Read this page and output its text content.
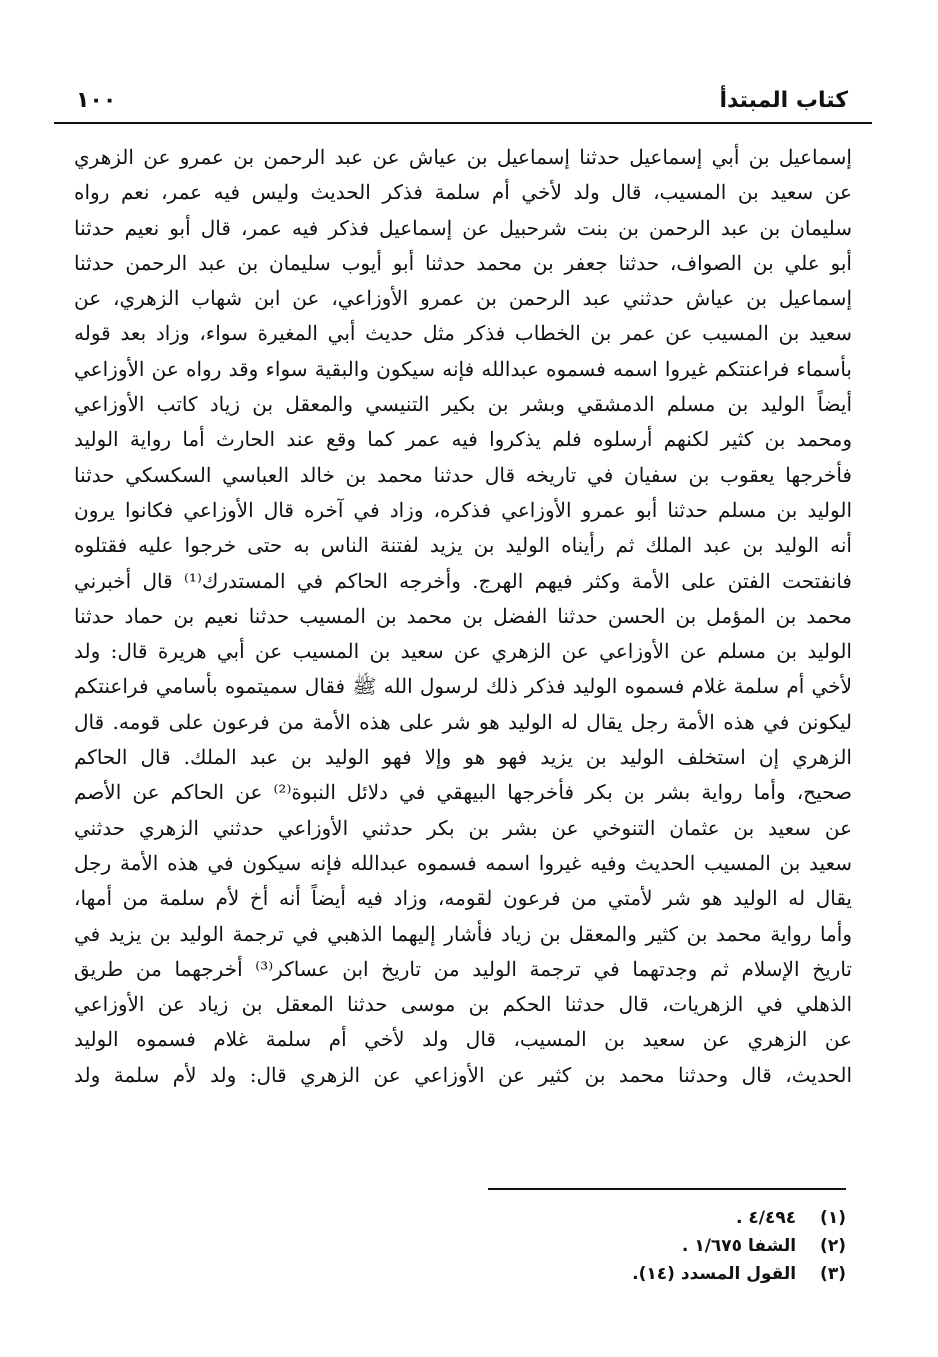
كتاب المبتدأ
١٠٠
إسماعيل بن أبي إسماعيل حدثنا إسماعيل بن عياش عن عبد الرحمن بن عمرو عن الزهري
عن سعيد بن المسيب، قال ولد لأخي أم سلمة فذكر الحديث وليس فيه عمر، نعم رواه
سليمان بن عبد الرحمن بن بنت شرحبيل عن إسماعيل فذكر فيه عمر، قال أبو نعيم حدثنا
أبو علي بن الصواف، حدثنا جعفر بن محمد حدثنا أبو أيوب سليمان بن عبد الرحمن حدثنا
إسماعيل بن عياش حدثني عبد الرحمن بن عمرو الأوزاعي، عن ابن شهاب الزهري، عن
سعيد بن المسيب عن عمر بن الخطاب فذكر مثل حديث أبي المغيرة سواء، وزاد بعد قوله
بأسماء فراعنتكم غيروا اسمه فسموه عبدالله فإنه سيكون والبقية سواء وقد رواه عن الأوزاعي
أيضاً الوليد بن مسلم الدمشقي وبشر بن بكير التنيسي والمعقل بن زياد كاتب الأوزاعي
ومحمد بن كثير لكنهم أرسلوه فلم يذكروا فيه عمر كما وقع عند الحارث أما رواية الوليد
فأخرجها يعقوب بن سفيان في تاريخه قال حدثنا محمد بن خالد العباسي السكسكي حدثنا
الوليد بن مسلم حدثنا أبو عمرو الأوزاعي فذكره، وزاد في آخره قال الأوزاعي فكانوا يرون
أنه الوليد بن عبد الملك ثم رأيناه الوليد بن يزيد لفتنة الناس به حتى خرجوا عليه فقتلوه
فانفتحت الفتن على الأمة وكثر فيهم الهرج. وأخرجه الحاكم في المستدرك⁽¹⁾ قال أخبرني
محمد بن المؤمل بن الحسن حدثنا الفضل بن محمد بن المسيب حدثنا نعيم بن حماد حدثنا
الوليد بن مسلم عن الأوزاعي عن الزهري عن سعيد بن المسيب عن أبي هريرة قال: ولد
لأخي أم سلمة غلام فسموه الوليد فذكر ذلك لرسول الله ﷺ فقال سميتموه بأسامي فراعنتكم
ليكونن في هذه الأمة رجل يقال له الوليد هو شر على هذه الأمة من فرعون على قومه. قال
الزهري إن استخلف الوليد بن يزيد فهو هو وإلا فهو الوليد بن عبد الملك. قال الحاكم
صحيح، وأما رواية بشر بن بكر فأخرجها البيهقي في دلائل النبوة⁽²⁾ عن الحاكم عن الأصم
عن سعيد بن عثمان التنوخي عن بشر بن بكر حدثني الأوزاعي حدثني الزهري حدثني
سعيد بن المسيب الحديث وفيه غيروا اسمه فسموه عبدالله فإنه سيكون في هذه الأمة رجل
يقال له الوليد هو شر لأمتي من فرعون لقومه، وزاد فيه أيضاً أنه أخ لأم سلمة من أمها،
وأما رواية محمد بن كثير والمعقل بن زياد فأشار إليهما الذهبي في ترجمة الوليد بن يزيد في
تاريخ الإسلام ثم وجدتهما في ترجمة الوليد من تاريخ ابن عساكر⁽³⁾ أخرجهما من طريق
الذهلي في الزهريات، قال حدثنا الحكم بن موسى حدثنا المعقل بن زياد عن الأوزاعي
عن الزهري عن سعيد بن المسيب، قال ولد لأخي أم سلمة غلام فسموه الوليد
الحديث، قال وحدثنا محمد بن كثير عن الأوزاعي عن الزهري قال: ولد لأم سلمة ولد
(١) ٤/٤٩٤ .
(٢) الشفا ١/٦٧٥ .
(٣) القول المسدد (١٤).
